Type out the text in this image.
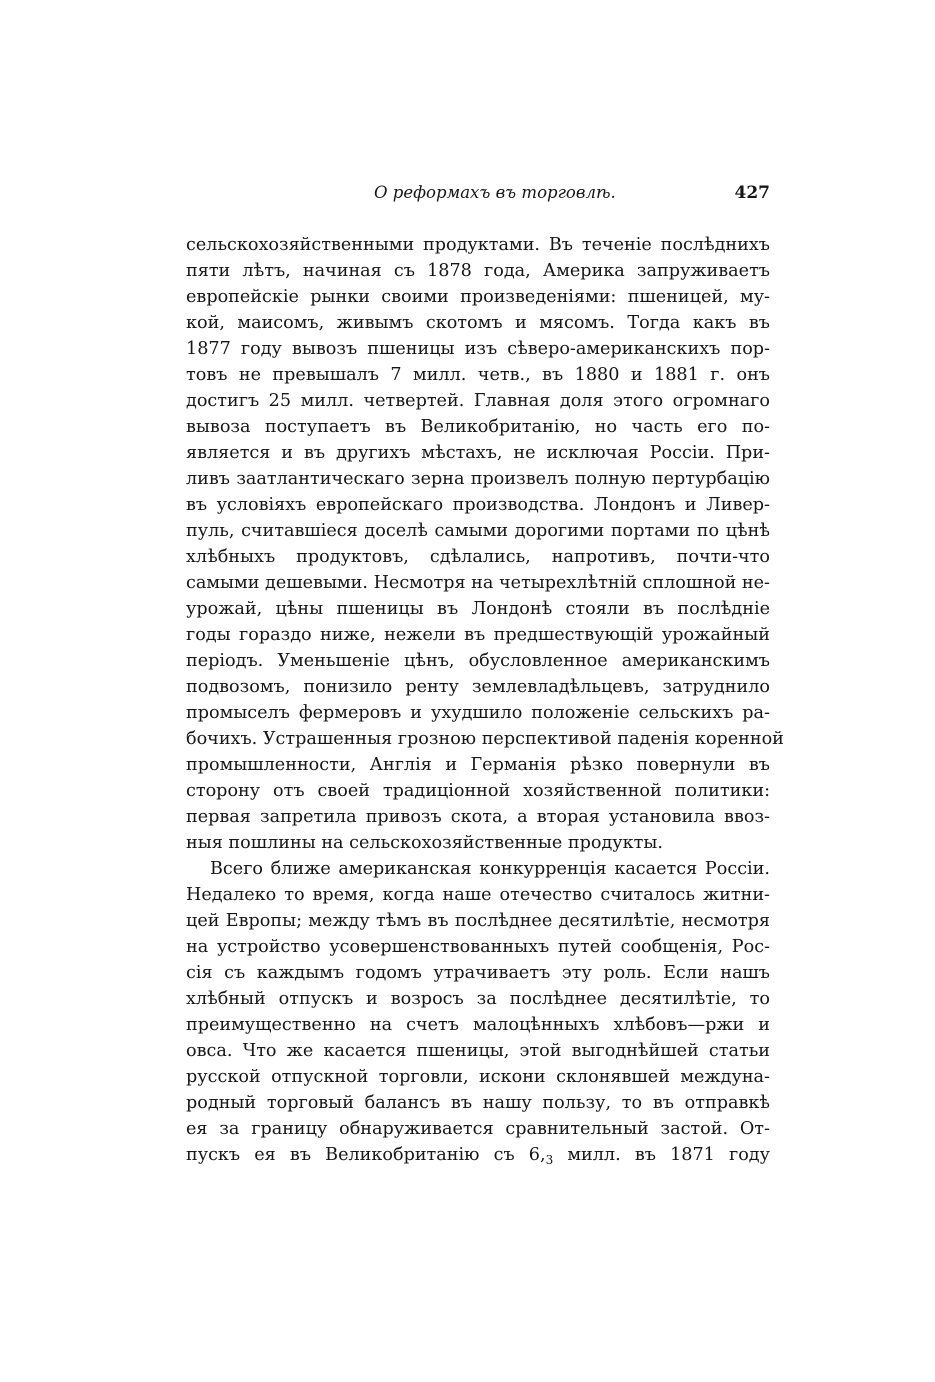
О реформахъ въ торговлѣ.	427
сельскохозяйственными продуктами. Въ теченіе послѣднихъ
пяти лѣтъ, начиная съ 1878 года, Америка запруживаетъ
европейскіе рынки своими произведеніями: пшеницей, му-
кой, маисомъ, живымъ скотомъ и мясомъ. Тогда какъ въ
1877 году вывозъ пшеницы изъ сѣверо-американскихъ пор-
товъ не превышалъ 7 милл. четв., въ 1880 и 1881 г. онъ
достигъ 25 милл. четвертей. Главная доля этого огромнаго
вывоза поступаетъ въ Великобританію, но часть его по-
является и въ другихъ мѣстахъ, не исключая Россіи. При-
ливъ заатлантическаго зерна произвелъ полную пертурбацію
въ условіяхъ европейскаго производства. Лондонъ и Ливер-
пуль, считавшіеся доселѣ самыми дорогими портами по цѣнѣ
хлѣбныхъ продуктовъ, сдѣлались, напротивъ, почти-что
самыми дешевыми. Несмотря на четырехлѣтній сплошной не-
урожай, цѣны пшеницы въ Лондонѣ стояли въ послѣдніе
годы гораздо ниже, нежели въ предшествующій урожайный
періодъ. Уменьшеніе цѣнъ, обусловленное американскимъ
подвозомъ, понизило ренту землевладѣльцевъ, затруднило
промыселъ фермеровъ и ухудшило положеніе сельскихъ ра-
бочихъ. Устрашенныя грозною перспективой паденія коренной
промышленности, Англія и Германія рѣзко повернули въ
сторону отъ своей традиціонной хозяйственной политики:
первая запретила привозъ скота, а вторая установила ввоз-
ныя пошлины на сельскохозяйственные продукты.
Всего ближе американская конкурренція касается Россіи.
Недалеко то время, когда наше отечество считалось житни-
цей Европы; между тѣмъ въ послѣднее десятилѣтіе, несмотря
на устройство усовершенствованныхъ путей сообщенія, Рос-
сія съ каждымъ годомъ утрачиваетъ эту роль. Если нашъ
хлѣбный отпускъ и возросъ за послѣднее десятилѣтіе, то
преимущественно на счетъ малоцѣнныхъ хлѣбовъ—ржи и
овса. Что же касается пшеницы, этой выгоднѣйшей статьи
русской отпускной торговли, искони склонявшей междуна-
родный торговый балансъ въ нашу пользу, то въ отправкѣ
ея за границу обнаруживается сравнительный застой. От-
пускъ ея въ Великобританію съ $6,_3$ милл. въ 1871 году
